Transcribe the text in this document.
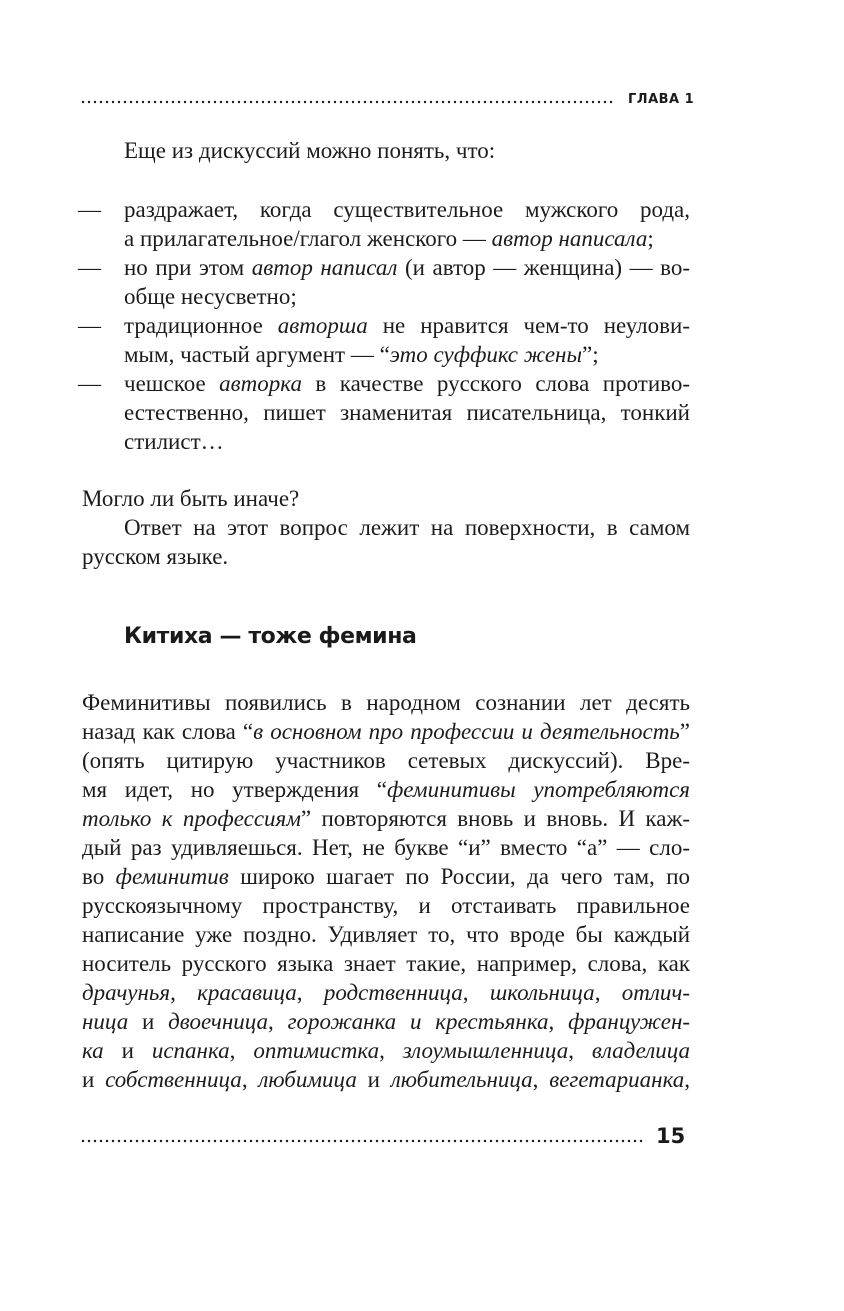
ГЛАВА 1
Еще из дискуссий можно понять, что:
— раздражает, когда существительное мужского рода,
а прилагательное/глагол женского — автор написала;
— но при этом автор написал (и автор — женщина) — во-
обще несусветно;
— традиционное авторша не нравится чем-то неулови-
мым, частый аргумент — “это суффикс жены”;
— чешское авторка в качестве русского слова противо-
естественно, пишет знаменитая писательница, тонкий
стилист…
Могло ли быть иначе?
Ответ на этот вопрос лежит на поверхности, в самом
русском языке.
Китиха — тоже фемина
Феминитивы появились в народном сознании лет десять
назад как слова “в основном про профессии и деятельность”
(опять цитирую участников сетевых дискуссий). Вре-
мя идет, но утверждения “феминитивы употребляются
только к профессиям” повторяются вновь и вновь. И каж-
дый раз удивляешься. Нет, не букве “и” вместо “а” — сло-
во феминитив широко шагает по России, да чего там, по
русскоязычному пространству, и отстаивать правильное
написание уже поздно. Удивляет то, что вроде бы каждый
носитель русского языка знает такие, например, слова, как
драчунья, красавица, родственница, школьница, отлич-
ница и двоечница, горожанка и крестьянка, францужен-
ка и испанка, оптимистка, злоумышленница, владелица
и собственница, любимица и любительница, вегетарианка,
15
